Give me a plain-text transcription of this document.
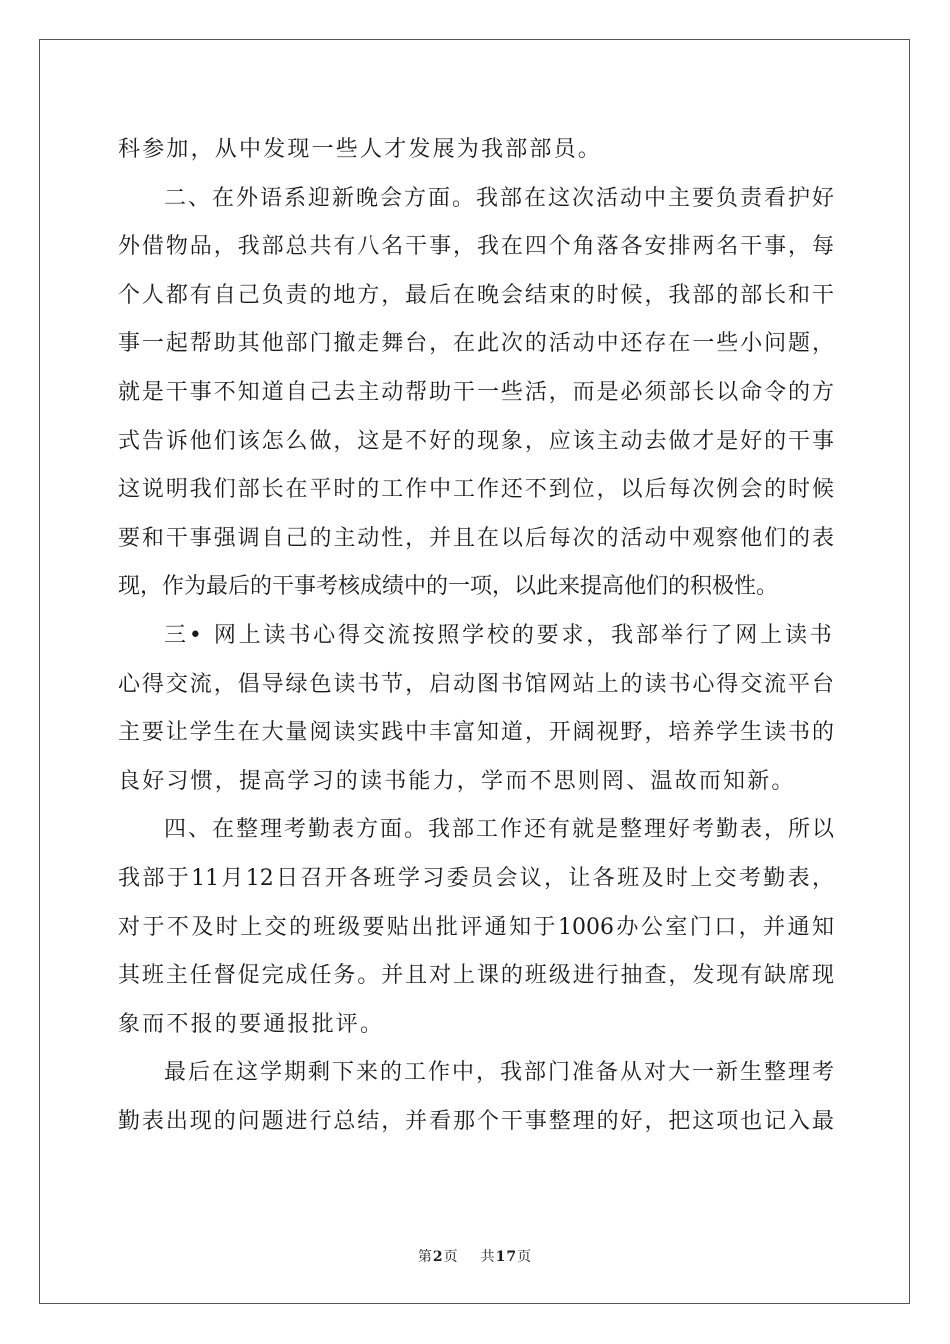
科参加，从中发现一些人才发展为我部部员。
二、在外语系迎新晚会方面。我部在这次活动中主要负责看护好
外借物品，我部总共有八名干事，我在四个角落各安排两名干事，每
个人都有自己负责的地方，最后在晚会结束的时候，我部的部长和干
事一起帮助其他部门撤走舞台，在此次的活动中还存在一些小问题，
就是干事不知道自己去主动帮助干一些活，而是必须部长以命令的方
式告诉他们该怎么做，这是不好的现象，应该主动去做才是好的干事
这说明我们部长在平时的工作中工作还不到位，以后每次例会的时候
要和干事强调自己的主动性，并且在以后每次的活动中观察他们的表
现，作为最后的干事考核成绩中的一项，以此来提高他们的积极性。
三• 网上读书心得交流按照学校的要求，我部举行了网上读书
心得交流，倡导绿色读书节，启动图书馆网站上的读书心得交流平台
主要让学生在大量阅读实践中丰富知道，开阔视野，培养学生读书的
良好习惯，提高学习的读书能力，学而不思则罔、温故而知新。
四、在整理考勤表方面。我部工作还有就是整理好考勤表，所以
我部于11月12日召开各班学习委员会议，让各班及时上交考勤表，
对于不及时上交的班级要贴出批评通知于1006办公室门口，并通知
其班主任督促完成任务。并且对上课的班级进行抽查，发现有缺席现
象而不报的要通报批评。
最后在这学期剩下来的工作中，我部门准备从对大一新生整理考
勤表出现的问题进行总结，并看那个干事整理的好，把这项也记入最
第2页 共17页
